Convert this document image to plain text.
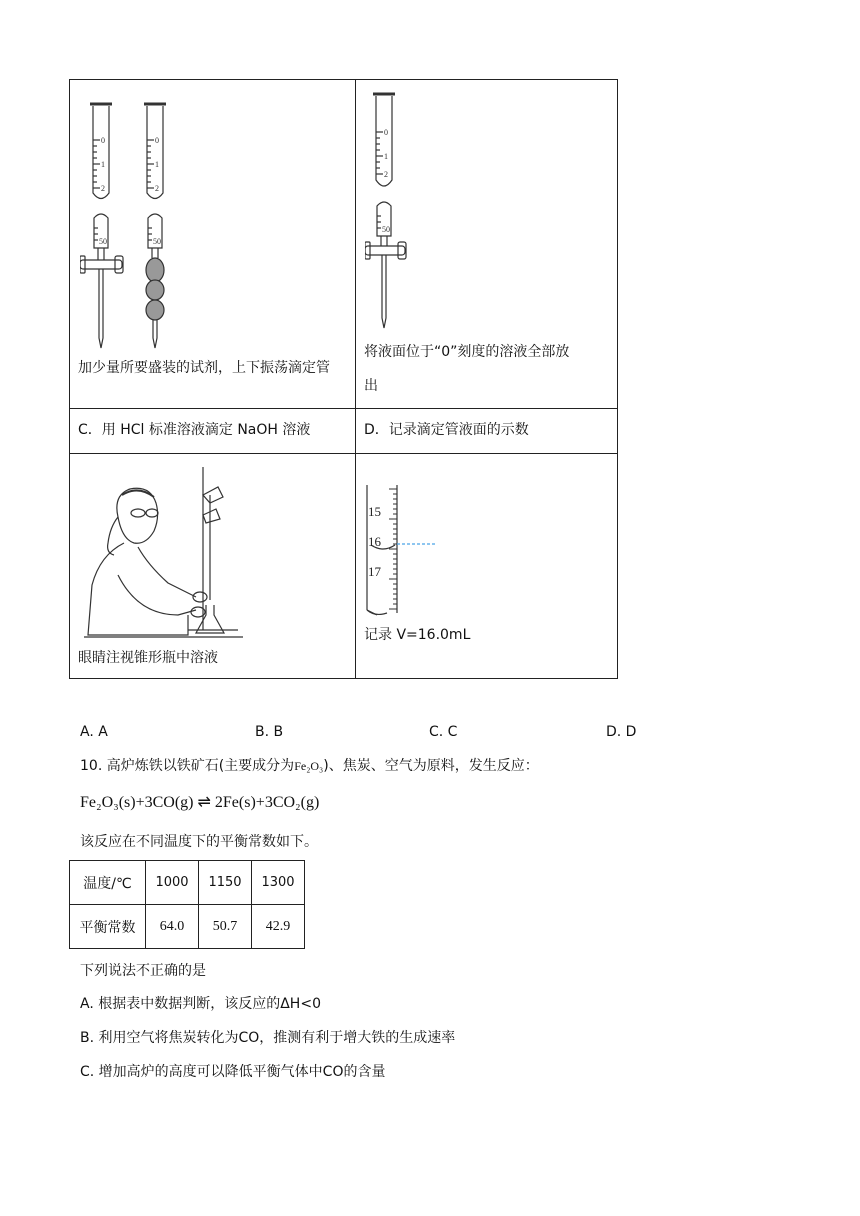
0
1
2
50
0
1
2
50
加少量所要盛装的试剂，上下振荡滴定管
0
1
2
50
将液面位于“0”刻度的溶液全部放
出
C．用 HCl 标准溶液滴定 NaOH 溶液	D．记录滴定管液面的示数
眼睛注视锥形瓶中溶液
15
16
17
记录 V=16.0mL
A. A	B. B	C. C	D. D
10. 高炉炼铁以铁矿石(主要成分为Fe₂O₃)、焦炭、空气为原料，发生反应：
Fe₂O₃(s)+3CO(g) ⇌ 2Fe(s)+3CO₂(g)
该反应在不同温度下的平衡常数如下。
温度/℃	1000	1150	1300
平衡常数	64.0	50.7	42.9
下列说法不正确的是
A. 根据表中数据判断，该反应的ΔH<0
B. 利用空气将焦炭转化为CO，推测有利于增大铁的生成速率
C. 增加高炉的高度可以降低平衡气体中CO的含量
